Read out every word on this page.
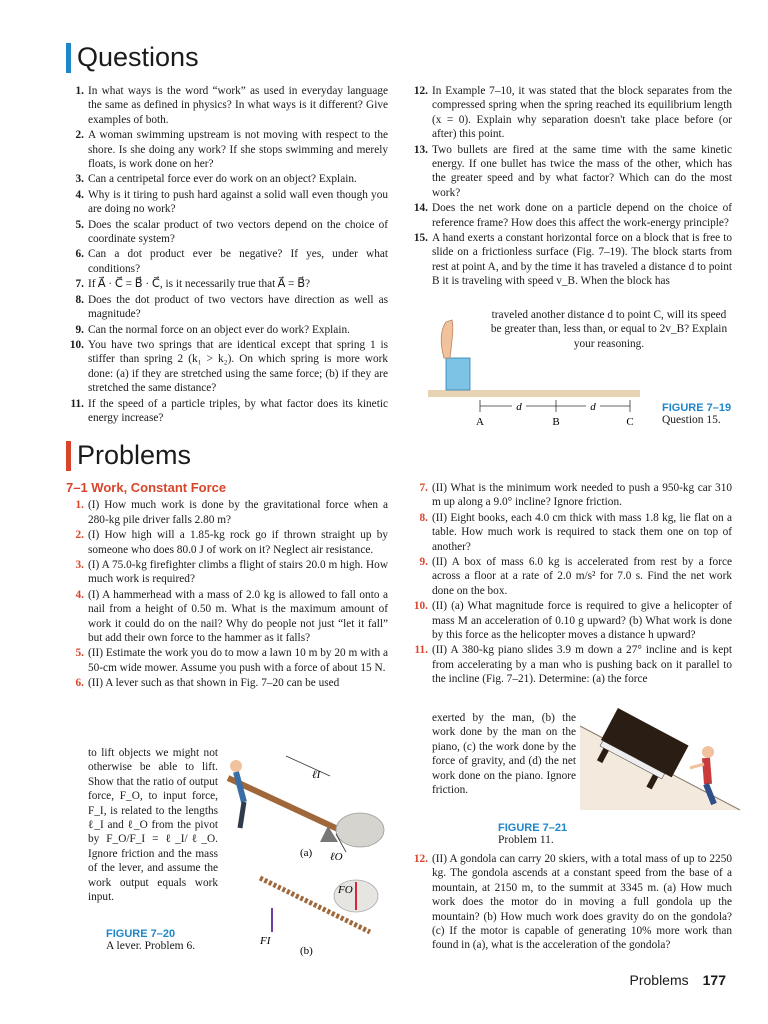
Questions
1. In what ways is the word “work” as used in everyday language the same as defined in physics? In what ways is it different? Give examples of both.
2. A woman swimming upstream is not moving with respect to the shore. Is she doing any work? If she stops swimming and merely floats, is work done on her?
3. Can a centripetal force ever do work on an object? Explain.
4. Why is it tiring to push hard against a solid wall even though you are doing no work?
5. Does the scalar product of two vectors depend on the choice of coordinate system?
6. Can a dot product ever be negative? If yes, under what conditions?
7. If A⃗ · C⃗ = B⃗ · C⃗, is it necessarily true that A⃗ = B⃗?
8. Does the dot product of two vectors have direction as well as magnitude?
9. Can the normal force on an object ever do work? Explain.
10. You have two springs that are identical except that spring 1 is stiffer than spring 2 (k₁ > k₂). On which spring is more work done: (a) if they are stretched using the same force; (b) if they are stretched the same distance?
11. If the speed of a particle triples, by what factor does its kinetic energy increase?
12. In Example 7–10, it was stated that the block separates from the compressed spring when the spring reached its equilibrium length (x = 0). Explain why separation doesn't take place before (or after) this point.
13. Two bullets are fired at the same time with the same kinetic energy. If one bullet has twice the mass of the other, which has the greater speed and by what factor? Which can do the most work?
14. Does the net work done on a particle depend on the choice of reference frame? How does this affect the work-energy principle?
15. A hand exerts a constant horizontal force on a block that is free to slide on a frictionless surface (Fig. 7–19). The block starts from rest at point A, and by the time it has traveled a distance d to point B it is traveling with speed v_B. When the block has
traveled another distance d to point C, will its speed be greater than, less than, or equal to 2v_B? Explain your reasoning.
d	d
A	B	C
FIGURE 7–19
Question 15.
Problems
7–1 Work, Constant Force
1. (I) How much work is done by the gravitational force when a 280-kg pile driver falls 2.80 m?
2. (I) How high will a 1.85-kg rock go if thrown straight up by someone who does 80.0 J of work on it? Neglect air resistance.
3. (I) A 75.0-kg firefighter climbs a flight of stairs 20.0 m high. How much work is required?
4. (I) A hammerhead with a mass of 2.0 kg is allowed to fall onto a nail from a height of 0.50 m. What is the maximum amount of work it could do on the nail? Why do people not just “let it fall” but add their own force to the hammer as it falls?
5. (II) Estimate the work you do to mow a lawn 10 m by 20 m with a 50-cm wide mower. Assume you push with a force of about 15 N.
6. (II) A lever such as that shown in Fig. 7–20 can be used
to lift objects we might not otherwise be able to lift. Show that the ratio of output force, F_O, to input force, F_I, is related to the lengths ℓ_I and ℓ_O from the pivot by F_O/F_I = ℓ_I/ℓ_O. Ignore friction and the mass of the lever, and assume the work output equals work input.
ℓI
ℓO
(a)
FO
FI
(b)
FIGURE 7–20
A lever. Problem 6.
7. (II) What is the minimum work needed to push a 950-kg car 310 m up along a 9.0° incline? Ignore friction.
8. (II) Eight books, each 4.0 cm thick with mass 1.8 kg, lie flat on a table. How much work is required to stack them one on top of another?
9. (II) A box of mass 6.0 kg is accelerated from rest by a force across a floor at a rate of 2.0 m/s² for 7.0 s. Find the net work done on the box.
10. (II) (a) What magnitude force is required to give a helicopter of mass M an acceleration of 0.10 g upward? (b) What work is done by this force as the helicopter moves a distance h upward?
11. (II) A 380-kg piano slides 3.9 m down a 27° incline and is kept from accelerating by a man who is pushing back on it parallel to the incline (Fig. 7–21). Determine: (a) the force
exerted by the man, (b) the work done by the man on the piano, (c) the work done by the force of gravity, and (d) the net work done on the piano. Ignore friction.
FIGURE 7–21
Problem 11.
12. (II) A gondola can carry 20 skiers, with a total mass of up to 2250 kg. The gondola ascends at a constant speed from the base of a mountain, at 2150 m, to the summit at 3345 m. (a) How much work does the motor do in moving a full gondola up the mountain? (b) How much work does gravity do on the gondola? (c) If the motor is capable of generating 10% more work than found in (a), what is the acceleration of the gondola?
Problems 177
